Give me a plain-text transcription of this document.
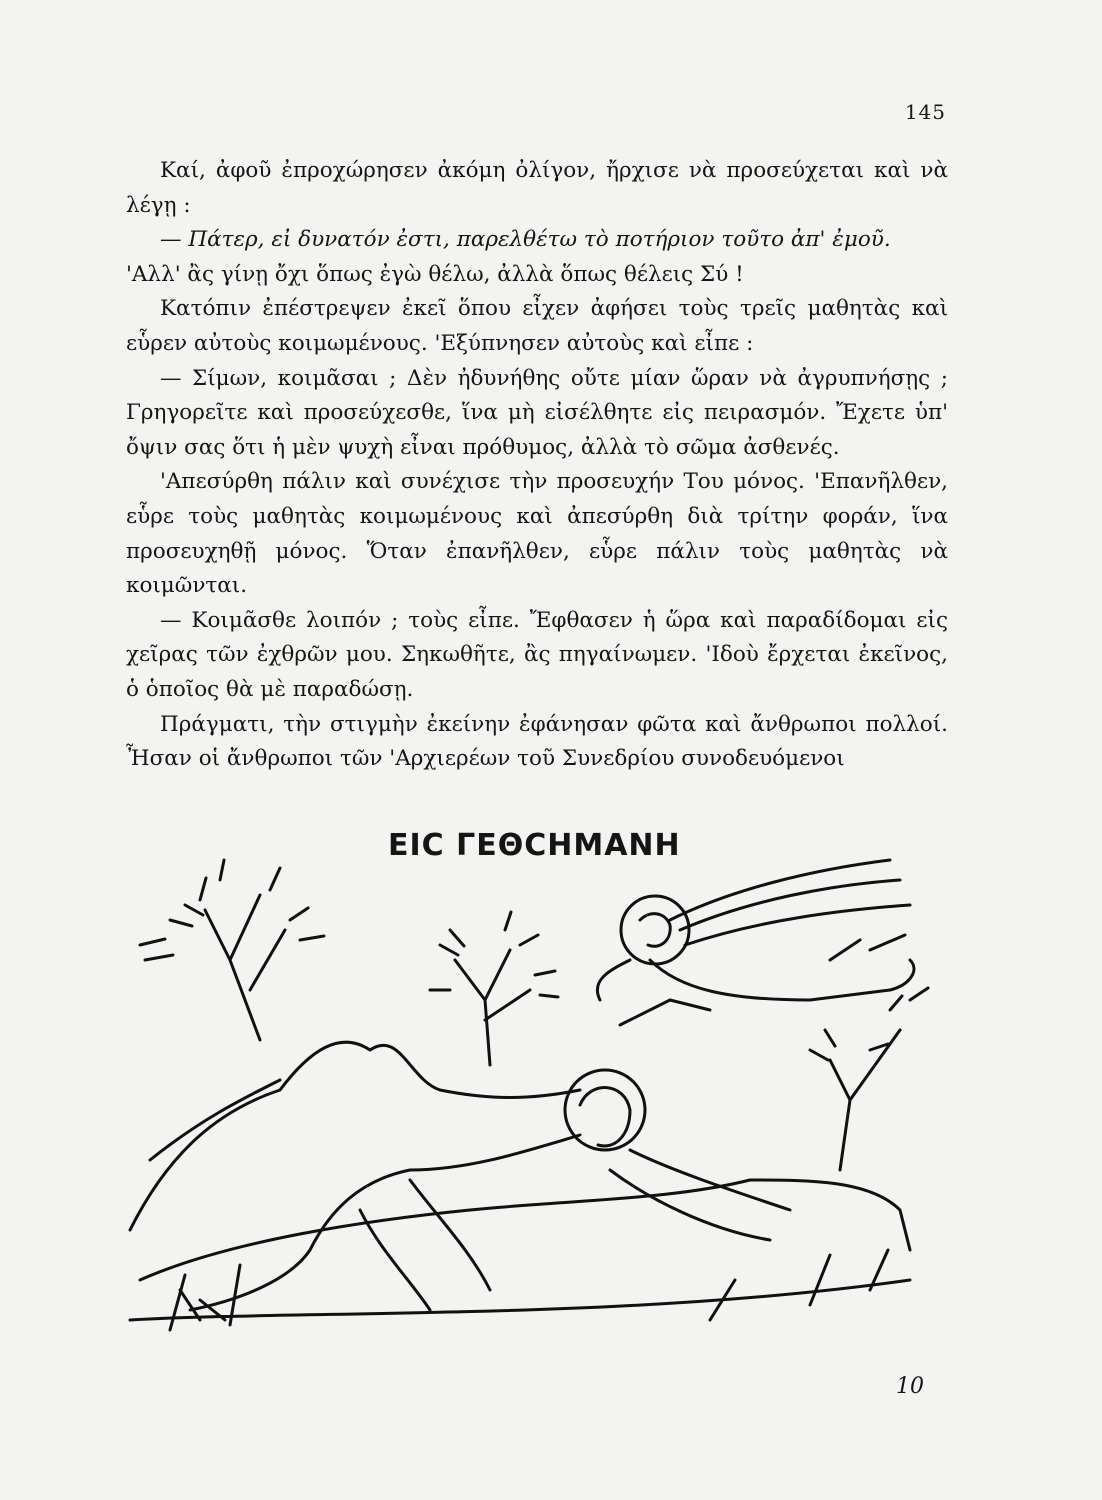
145

Καί, ἀφοῦ ἐπροχώρησεν ἀκόμη ὀλίγον, ἤρχισε νὰ προσεύχεται καὶ νὰ λέγῃ :

— Πάτερ, εἰ δυνατόν ἐστι, παρελθέτω τὸ ποτήριον τοῦτο ἀπ' ἐμοῦ.

'Αλλ' ἂς γίνῃ ὄχι ὅπως ἐγὼ θέλω, ἀλλὰ ὅπως θέλεις Σύ !

Κατόπιν ἐπέστρεψεν ἐκεῖ ὅπου εἶχεν ἀφήσει τοὺς τρεῖς μαθητὰς καὶ εὗρεν αὐτοὺς κοιμωμένους. 'Εξύπνησεν αὐτοὺς καὶ εἶπε :

— Σίμων, κοιμᾶσαι ; Δὲν ἠδυνήθης οὔτε μίαν ὥραν νὰ ἀγρυπνήσῃς ; Γρηγορεῖτε καὶ προσεύχεσθε, ἵνα μὴ εἰσέλθητε εἰς πειρασμόν. Ἔχετε ὑπ' ὄψιν σας ὅτι ἡ μὲν ψυχὴ εἶναι πρόθυμος, ἀλλὰ τὸ σῶμα ἀσθενές.

'Απεσύρθη πάλιν καὶ συνέχισε τὴν προσευχήν Του μόνος. 'Επανῆλθεν, εὗρε τοὺς μαθητὰς κοιμωμένους καὶ ἀπεσύρθη διὰ τρίτην φοράν, ἵνα προσευχηθῇ μόνος. Ὅταν ἐπανῆλθεν, εὗρε πάλιν τοὺς μαθητὰς νὰ κοιμῶνται.

— Κοιμᾶσθε λοιπόν ; τοὺς εἶπε. Ἔφθασεν ἡ ὥρα καὶ παραδίδομαι εἰς χεῖρας τῶν ἐχθρῶν μου. Σηκωθῆτε, ἂς πηγαίνωμεν. 'Ιδοὺ ἔρχεται ἐκεῖνος, ὁ ὁποῖος θὰ μὲ παραδώσῃ.

Πράγματι, τὴν στιγμὴν ἐκείνην ἐφάνησαν φῶτα καὶ ἄνθρωποι πολλοί. Ἦσαν οἱ ἄνθρωποι τῶν 'Αρχιερέων τοῦ Συνεδρίου συνοδευόμενοι

ΕΙC ΓΕΘCΗΜΑΝΗ
10
